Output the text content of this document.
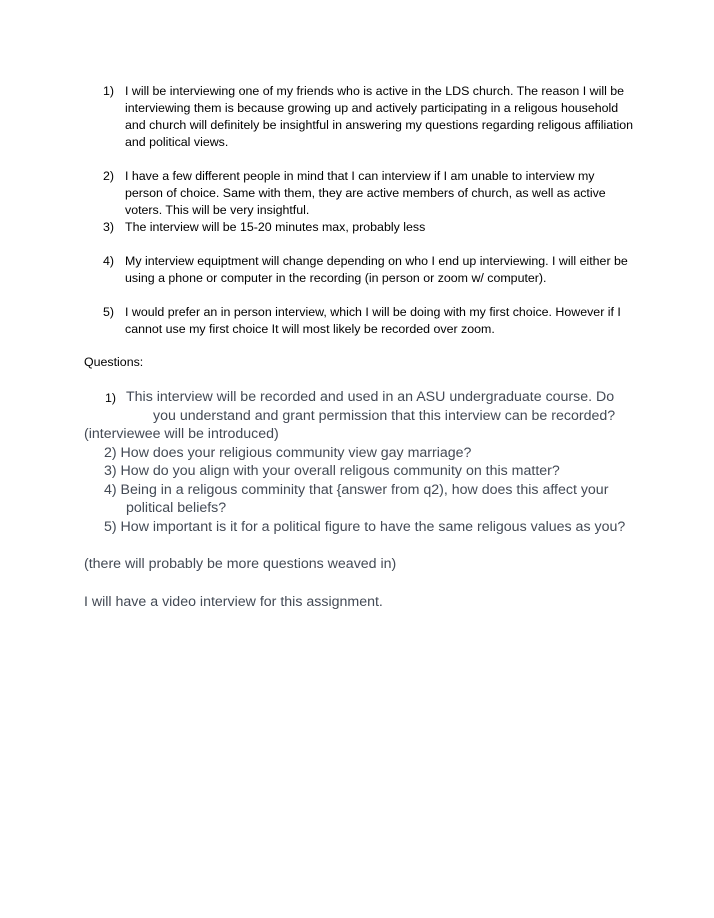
1) I will be interviewing one of my friends who is active in the LDS church. The reason I will be interviewing them is because growing up and actively participating in a religous household and church will definitely be insightful in answering my questions regarding religous affiliation and political views.
2) I have a few different people in mind that I can interview if I am unable to interview my person of choice. Same with them, they are active members of church, as well as active voters. This will be very insightful.
3) The interview will be 15-20 minutes max, probably less
4) My interview equiptment will change depending on who I end up interviewing. I will either be using a phone or computer in the recording (in person or zoom w/ computer).
5) I would prefer an in person interview, which I will be doing with my first choice. However if I cannot use my first choice It will most likely be recorded over zoom.
Questions:
1) This interview will be recorded and used in an ASU undergraduate course. Do
you understand and grant permission that this interview can be recorded?
(interviewee will be introduced)
2) How does your religious community view gay marriage?
3) How do you align with your overall religous community on this matter?
4) Being in a religous comminity that {answer from q2), how does this affect your
political beliefs?
5) How important is it for a political figure to have the same religous values as you?
(there will probably be more questions weaved in)
I will have a video interview for this assignment.
